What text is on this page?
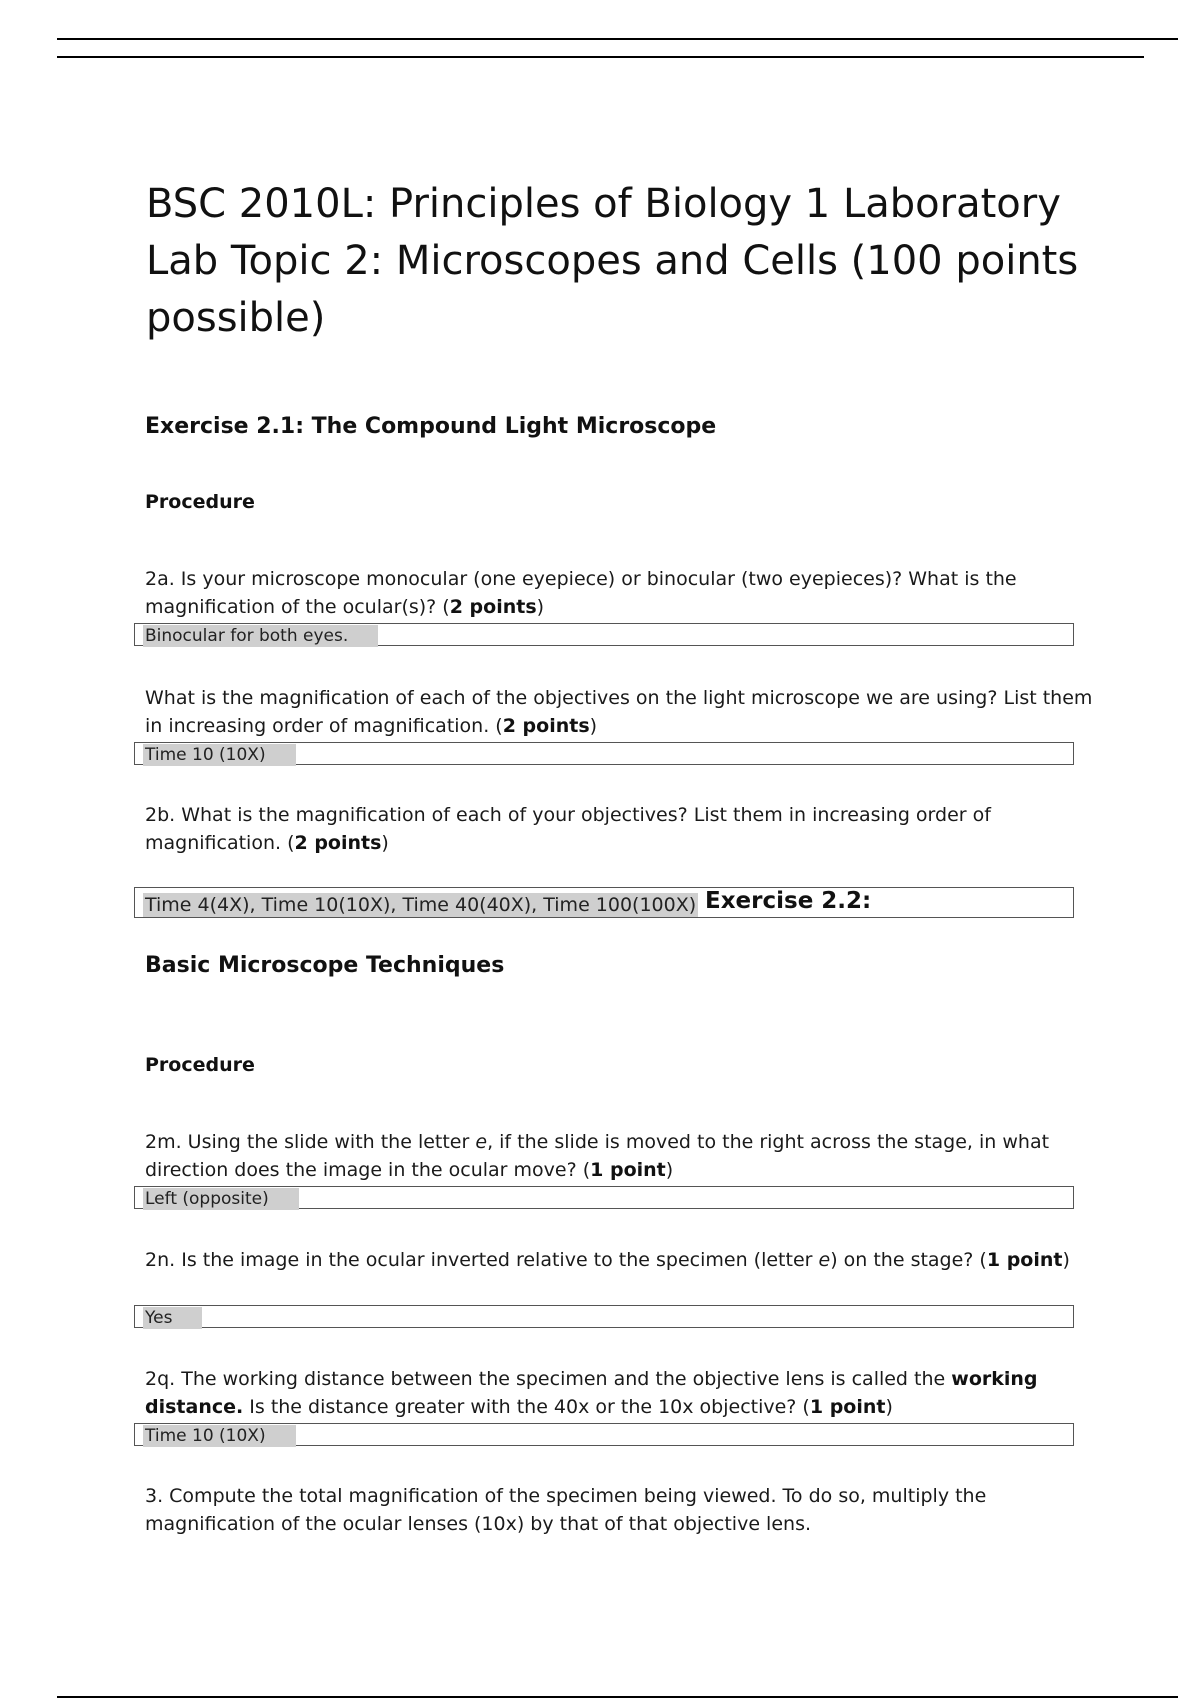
BSC 2010L: Principles of Biology 1 Laboratory
Lab Topic 2: Microscopes and Cells (100 points
possible)
Exercise 2.1: The Compound Light Microscope
Procedure

2a. Is your microscope monocular (one eyepiece) or binocular (two eyepieces)? What is the magnification of the ocular(s)? (2 points)

Binocular for both eyes.

What is the magnification of each of the objectives on the light microscope we are using? List them in increasing order of magnification. (2 points)

Time 10 (10X)

2b. What is the magnification of each of your objectives? List them in increasing order of magnification. (2 points)

Time 4(4X), Time 10(10X), Time 40(40X), Time 100(100X) Exercise 2.2:
Basic Microscope Techniques
Procedure

2m. Using the slide with the letter e, if the slide is moved to the right across the stage, in what direction does the image in the ocular move? (1 point)

Left (opposite)

2n. Is the image in the ocular inverted relative to the specimen (letter e) on the stage? (1 point)

Yes

2q. The working distance between the specimen and the objective lens is called the working distance. Is the distance greater with the 40x or the 10x objective? (1 point)

Time 10 (10X)

3. Compute the total magnification of the specimen being viewed. To do so, multiply the magnification of the ocular lenses (10x) by that of that objective lens.
